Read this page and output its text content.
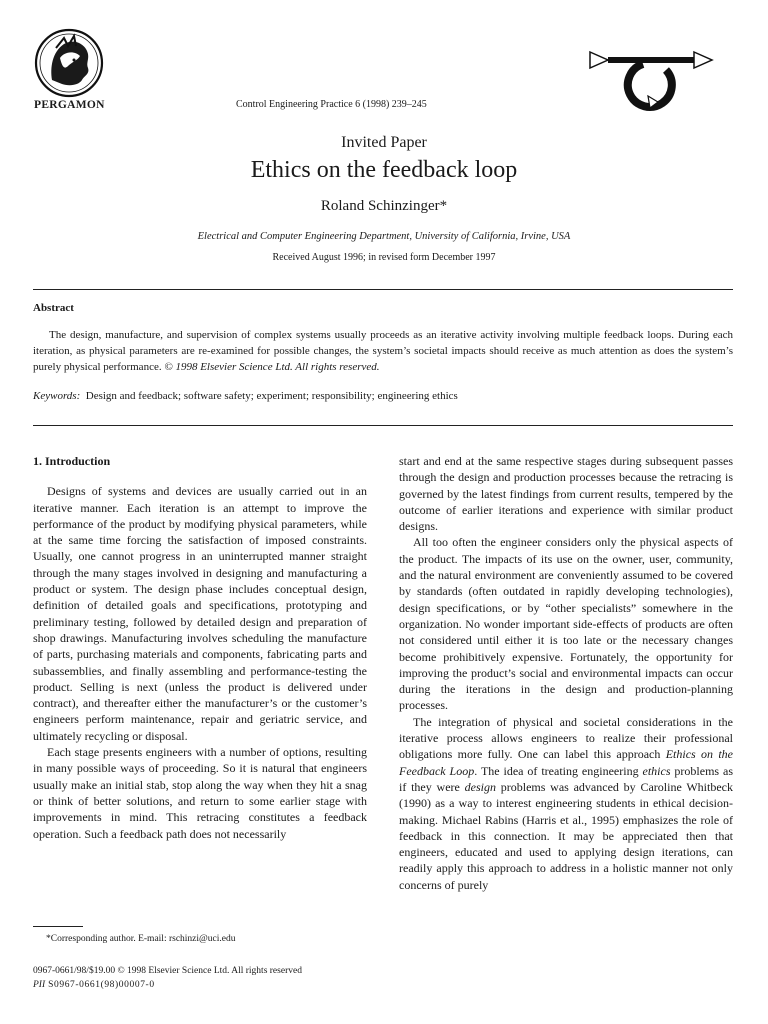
PERGAMON	Control Engineering Practice 6 (1998) 239–245
Invited Paper
Ethics on the feedback loop
Roland Schinzinger*
Electrical and Computer Engineering Department, University of California, Irvine, USA
Received August 1996; in revised form December 1997
Abstract
The design, manufacture, and supervision of complex systems usually proceeds as an iterative activity involving multiple feedback loops. During each iteration, as physical parameters are re-examined for possible changes, the system’s societal impacts should receive as much attention as does the system’s purely physical performance. © 1998 Elsevier Science Ltd. All rights reserved.
Keywords: Design and feedback; software safety; experiment; responsibility; engineering ethics

1. Introduction

Designs of systems and devices are usually carried out in an iterative manner. Each iteration is an attempt to improve the performance of the product by modifying physical parameters, while at the same time forcing the satisfaction of imposed constraints. Usually, one cannot progress in an uninterrupted manner straight through the many stages involved in designing and manufacturing a product or system. The design phase includes conceptual design, definition of detailed goals and specifications, prototyping and preliminary testing, followed by detailed design and preparation of shop drawings. Manufacturing involves scheduling the manufacture of parts, purchasing materials and components, fabricating parts and subassemblies, and finally assembling and performance-testing the product. Selling is next (unless the product is delivered under contract), and thereafter either the manufacturer’s or the customer’s engineers perform maintenance, repair and geriatric service, and ultimately recycling or disposal.

Each stage presents engineers with a number of options, resulting in many possible ways of proceeding. So it is natural that engineers usually make an initial stab, stop along the way when they hit a snag or think of better solutions, and return to some earlier stage with improvements in mind. This retracing constitutes a feedback operation. Such a feedback path does not necessarily

start and end at the same respective stages during subsequent passes through the design and production processes because the retracing is governed by the latest findings from current results, tempered by the outcome of earlier iterations and experience with similar product designs.

All too often the engineer considers only the physical aspects of the product. The impacts of its use on the owner, user, community, and the natural environment are conveniently assumed to be covered by standards (often outdated in rapidly developing technologies), design specifications, or by “other specialists” somewhere in the organization. No wonder important side-effects of products are often not considered until either it is too late or the necessary changes become prohibitively expensive. Fortunately, the opportunity for improving the product’s social and environmental impacts can occur during the iterations in the design and production-planning processes.

The integration of physical and societal considerations in the iterative process allows engineers to realize their professional obligations more fully. One can label this approach Ethics on the Feedback Loop. The idea of treating engineering ethics problems as if they were design problems was advanced by Caroline Whitbeck (1990) as a way to interest engineering students in ethical decision-making. Michael Rabins (Harris et al., 1995) emphasizes the role of feedback in this connection. It may be appreciated then that engineers, educated and used to applying design iterations, can readily apply this approach to address in a holistic manner not only concerns of purely

*Corresponding author. E-mail: rschinzi@uci.edu
0967-0661/98/$19.00 © 1998 Elsevier Science Ltd. All rights reserved
PII S0967-0661(98)00007-0
